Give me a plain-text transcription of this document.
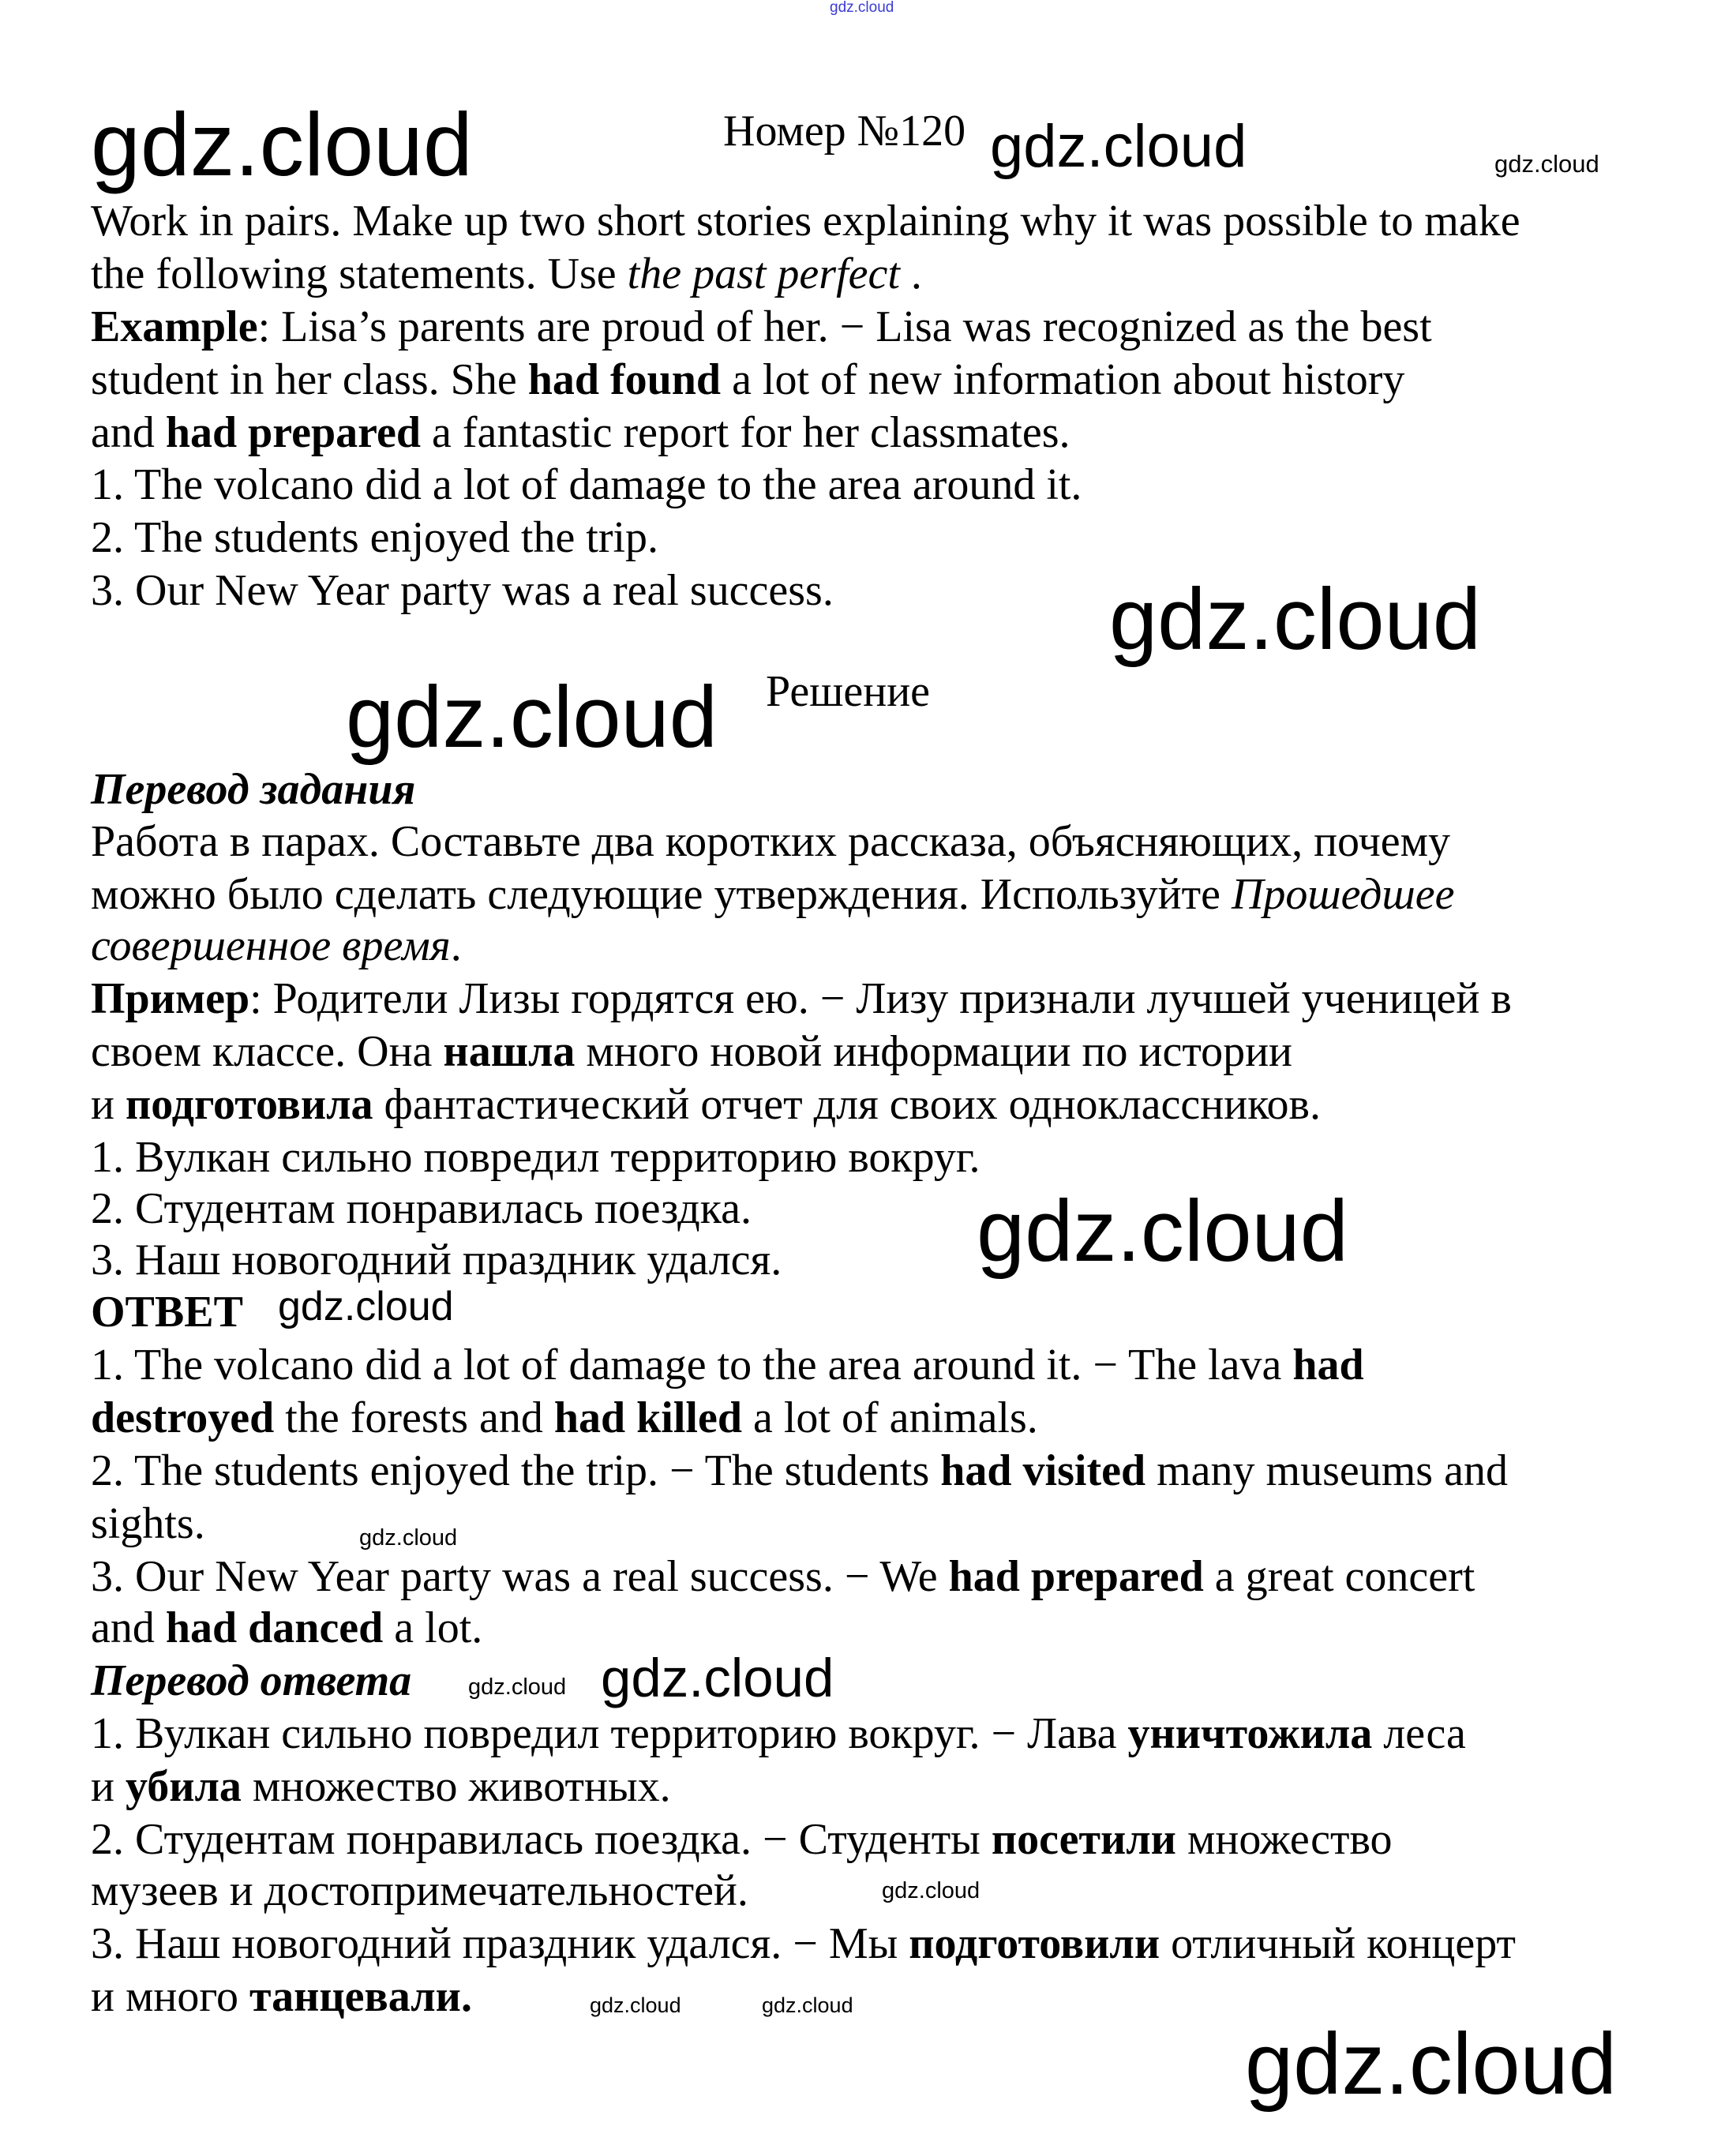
Номер №120
Решение
Work in pairs. Make up two short stories explaining why it was possible to make
the following statements. Use the past perfect .
Example: Lisa’s parents are proud of her. − Lisa was recognized as the best
student in her class. She had found a lot of new information about history
and had prepared a fantastic report for her classmates.
1. The volcano did a lot of damage to the area around it.
2. The students enjoyed the trip.
3. Our New Year party was a real success.
Перевод задания
Работа в парах. Составьте два коротких рассказа, объясняющих, почему
можно было сделать следующие утверждения. Используйте Прошедшее
совершенное время.
Пример: Родители Лизы гордятся ею. − Лизу признали лучшей ученицей в
своем классе. Она нашла много новой информации по истории
и подготовила фантастический отчет для своих одноклассников.
1. Вулкан сильно повредил территорию вокруг.
2. Студентам понравилась поездка.
3. Наш новогодний праздник удался.
ОТВЕТ
1. The volcano did a lot of damage to the area around it. − The lava had
destroyed the forests and had killed a lot of animals.
2. The students enjoyed the trip. − The students had visited many museums and
sights.
3. Our New Year party was a real success. − We had prepared a great concert
and had danced a lot.
Перевод ответа
1. Вулкан сильно повредил территорию вокруг. − Лава уничтожила леса
и убила множество животных.
2. Студентам понравилась поездка. − Студенты посетили множество
музеев и достопримечательностей.
3. Наш новогодний праздник удался. − Мы подготовили отличный концерт
и много танцевали.
gdz.cloud	gdz.cloud	gdz.cloud
gdz.cloud
gdz.cloud
gdz.cloud
gdz.cloud
gdz.cloud
gdz.cloud
gdz.cloud
gdz.cloud
gdz.cloud
gdz.cloud	gdz.cloud
gdz.cloud
